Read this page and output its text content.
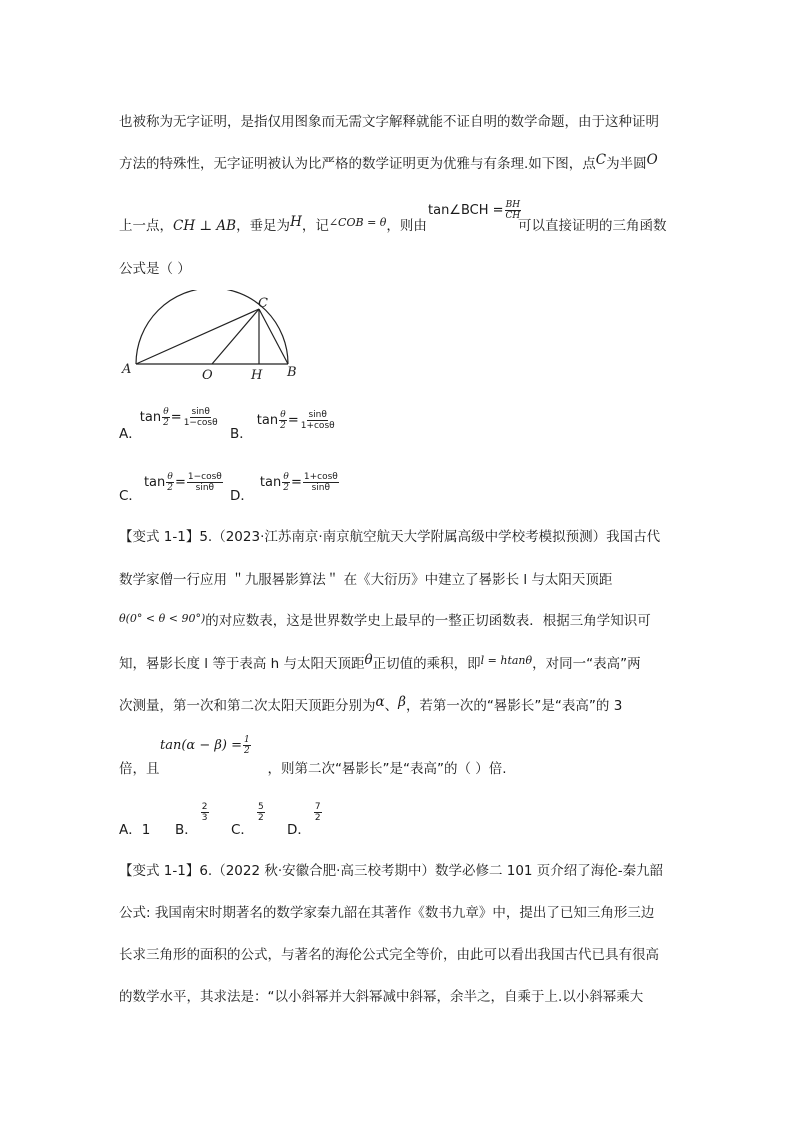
也被称为无字证明，是指仅用图象而无需文字解释就能不证自明的数学命题，由于这种证明
方法的特殊性，无字证明被认为比严格的数学证明更为优雅与有条理.如下图，点C为半圆O
上一点，CH ⊥ AB，垂足为H，记$^{\angle COB = \theta}$，则由
tan∠BCH = $\frac{BH}{CH}$
可以直接证明的三角函数
公式是（ ）
A	O	H B
C
A．
$\tan \frac{\theta}{2} = \frac{\sin\theta}{1-\cos\theta}$
B．
$\tan \frac{\theta}{2} = \frac{\sin\theta}{1+\cos\theta}$
C．
$\tan \frac{\theta}{2} = \frac{1-\cos\theta}{\sin\theta}$
D．
$\tan \frac{\theta}{2} = \frac{1+\cos\theta}{\sin\theta}$
【变式 1-1】5.（2023·江苏南京·南京航空航天大学附属高级中学校考模拟预测）我国古代
数学家僧一行应用 ＂九服晷影算法＂ 在《大衍历》中建立了晷影长 l 与太阳天顶距
$^{\theta(0^\circ < \theta < 90^\circ)}$的对应数表，这是世界数学史上最早的一整正切函数表．根据三角学知识可
知，晷影长度 l 等于表高 h 与太阳天顶距θ正切值的乘积，即$^{l = htan\theta}$，对同一“表高”两
次测量，第一次和第二次太阳天顶距分别为α、β，若第一次的“晷影长”是“表高”的 3
$\tan(\alpha - \beta) = \frac{1}{2}$
倍，且	，则第二次“晷影长”是“表高”的（ ）倍.
A．1 B．
$\frac{2}{3}$
C．
$\frac{5}{2}$
D．
$\frac{7}{2}$
【变式 1-1】6.（2022 秋·安徽合肥·高三校考期中）数学必修二 101 页介绍了海伦-秦九韶
公式: 我国南宋时期著名的数学家秦九韶在其著作《数书九章》中，提出了已知三角形三边
长求三角形的面积的公式，与著名的海伦公式完全等价，由此可以看出我国古代已具有很高
的数学水平，其求法是：“以小斜幂并大斜幂减中斜幂，余半之，自乘于上.以小斜幂乘大
